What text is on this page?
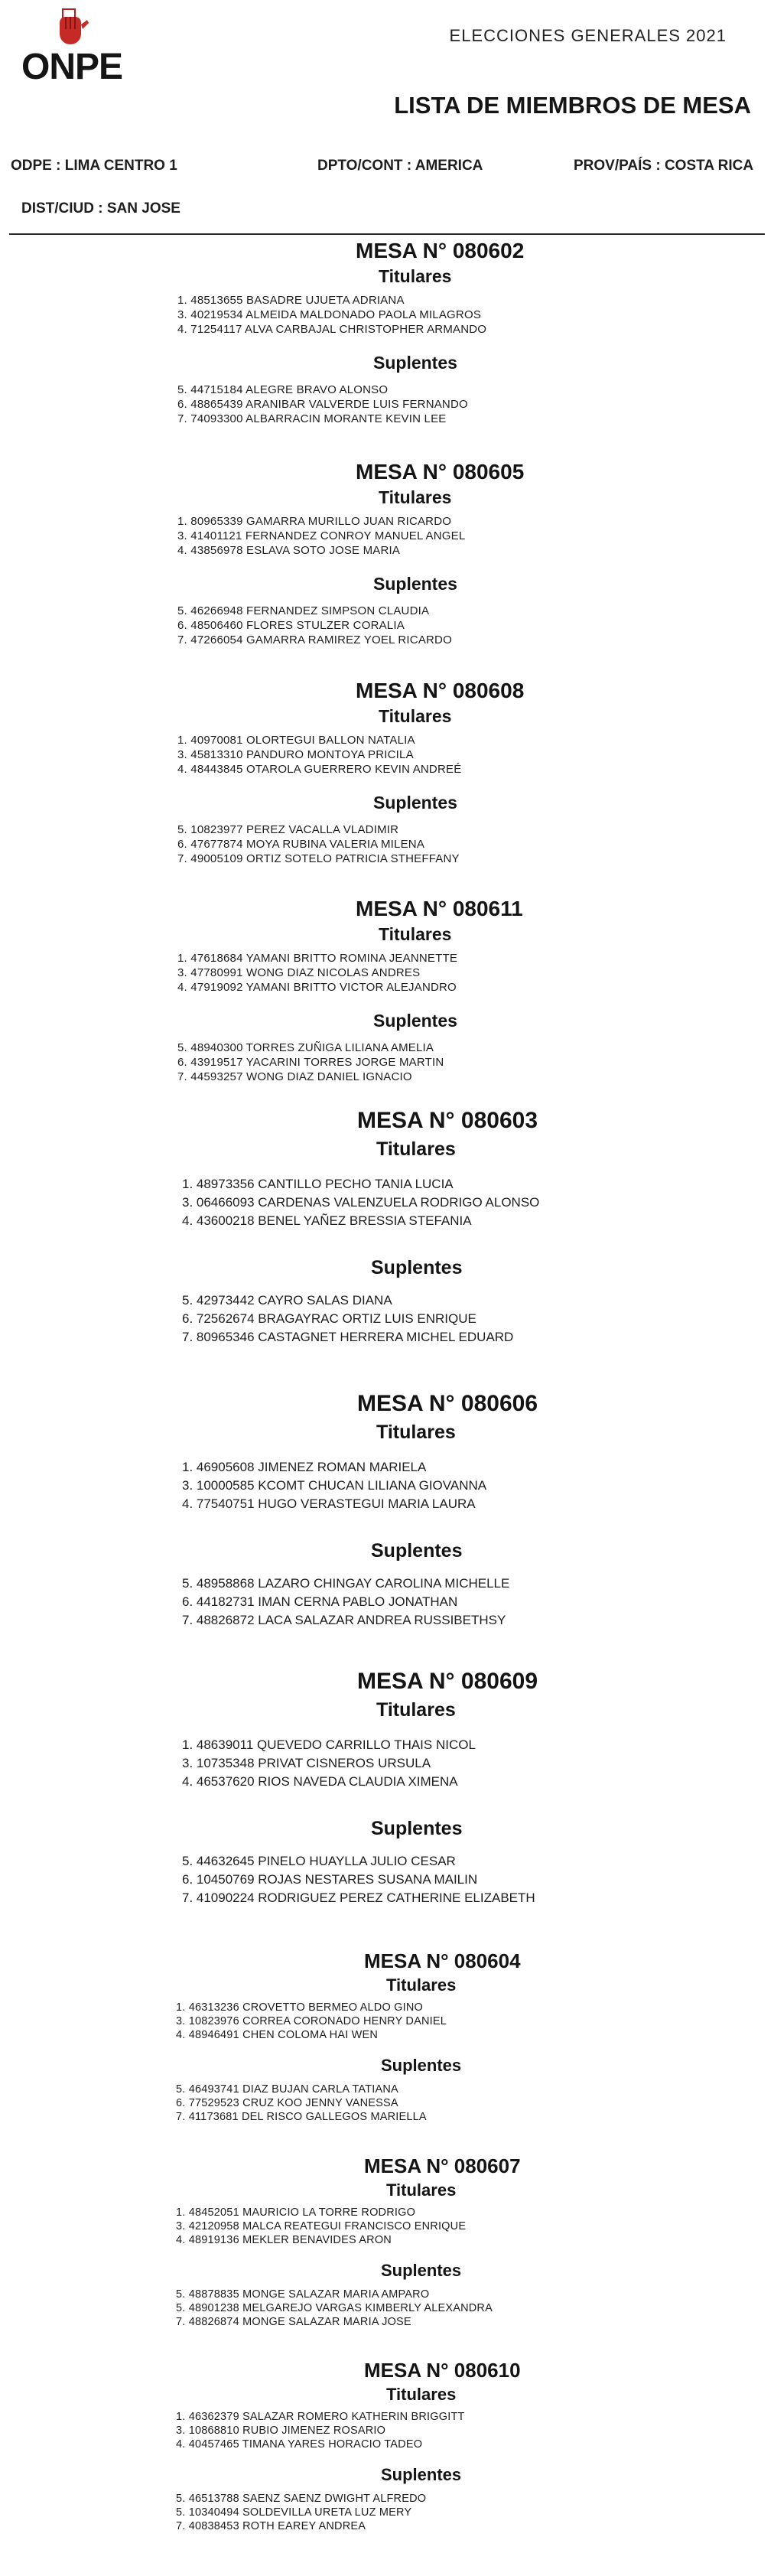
ONPE
ELECCIONES GENERALES 2021
LISTA DE MIEMBROS DE MESA
ODPE : LIMA CENTRO 1	DPTO/CONT : AMERICA	PROV/PAÍS : COSTA RICA
DIST/CIUD : SAN JOSE
MESA N° 080602
Titulares
1. 48513655 BASADRE UJUETA ADRIANA
3. 40219534 ALMEIDA MALDONADO PAOLA MILAGROS
4. 71254117 ALVA CARBAJAL CHRISTOPHER ARMANDO
Suplentes
5. 44715184 ALEGRE BRAVO ALONSO
6. 48865439 ARANIBAR VALVERDE LUIS FERNANDO
7. 74093300 ALBARRACIN MORANTE KEVIN LEE
MESA N° 080605
Titulares
1. 80965339 GAMARRA MURILLO JUAN RICARDO
3. 41401121 FERNANDEZ CONROY MANUEL ANGEL
4. 43856978 ESLAVA SOTO JOSE MARIA
Suplentes
5. 46266948 FERNANDEZ SIMPSON CLAUDIA
6. 48506460 FLORES STULZER CORALIA
7. 47266054 GAMARRA RAMIREZ YOEL RICARDO
MESA N° 080608
Titulares
1. 40970081 OLORTEGUI BALLON NATALIA
3. 45813310 PANDURO MONTOYA PRICILA
4. 48443845 OTAROLA GUERRERO KEVIN ANDREÉ
Suplentes
5. 10823977 PEREZ VACALLA VLADIMIR
6. 47677874 MOYA RUBINA VALERIA MILENA
7. 49005109 ORTIZ SOTELO PATRICIA STHEFFANY
MESA N° 080611
Titulares
1. 47618684 YAMANI BRITTO ROMINA JEANNETTE
3. 47780991 WONG DIAZ NICOLAS ANDRES
4. 47919092 YAMANI BRITTO VICTOR ALEJANDRO
Suplentes
5. 48940300 TORRES ZUÑIGA LILIANA AMELIA
6. 43919517 YACARINI TORRES JORGE MARTIN
7. 44593257 WONG DIAZ DANIEL IGNACIO
MESA N° 080603
Titulares
1. 48973356 CANTILLO PECHO TANIA LUCIA
3. 06466093 CARDENAS VALENZUELA RODRIGO ALONSO
4. 43600218 BENEL YAÑEZ BRESSIA STEFANIA
Suplentes
5. 42973442 CAYRO SALAS DIANA
6. 72562674 BRAGAYRAC ORTIZ LUIS ENRIQUE
7. 80965346 CASTAGNET HERRERA MICHEL EDUARD
MESA N° 080606
Titulares
1. 46905608 JIMENEZ ROMAN MARIELA
3. 10000585 KCOMT CHUCAN LILIANA GIOVANNA
4. 77540751 HUGO VERASTEGUI MARIA LAURA
Suplentes
5. 48958868 LAZARO CHINGAY CAROLINA MICHELLE
6. 44182731 IMAN CERNA PABLO JONATHAN
7. 48826872 LACA SALAZAR ANDREA RUSSIBETHSY
MESA N° 080609
Titulares
1. 48639011 QUEVEDO CARRILLO THAIS NICOL
3. 10735348 PRIVAT CISNEROS URSULA
4. 46537620 RIOS NAVEDA CLAUDIA XIMENA
Suplentes
5. 44632645 PINELO HUAYLLA JULIO CESAR
6. 10450769 ROJAS NESTARES SUSANA MAILIN
7. 41090224 RODRIGUEZ PEREZ CATHERINE ELIZABETH
MESA N° 080604
Titulares
1. 46313236 CROVETTO BERMEO ALDO GINO
3. 10823976 CORREA CORONADO HENRY DANIEL
4. 48946491 CHEN COLOMA HAI WEN
Suplentes
5. 46493741 DIAZ BUJAN CARLA TATIANA
6. 77529523 CRUZ KOO JENNY VANESSA
7. 41173681 DEL RISCO GALLEGOS MARIELLA
MESA N° 080607
Titulares
1. 48452051 MAURICIO LA TORRE RODRIGO
3. 42120958 MALCA REATEGUI FRANCISCO ENRIQUE
4. 48919136 MEKLER BENAVIDES ARON
Suplentes
5. 48878835 MONGE SALAZAR MARIA AMPARO
5. 48901238 MELGAREJO VARGAS KIMBERLY ALEXANDRA
7. 48826874 MONGE SALAZAR MARIA JOSE
MESA N° 080610
Titulares
1. 46362379 SALAZAR ROMERO KATHERIN BRIGGITT
3. 10868810 RUBIO JIMENEZ ROSARIO
4. 40457465 TIMANA YARES HORACIO TADEO
Suplentes
5. 46513788 SAENZ SAENZ DWIGHT ALFREDO
5. 10340494 SOLDEVILLA URETA LUZ MERY
7. 40838453 ROTH EAREY ANDREA
